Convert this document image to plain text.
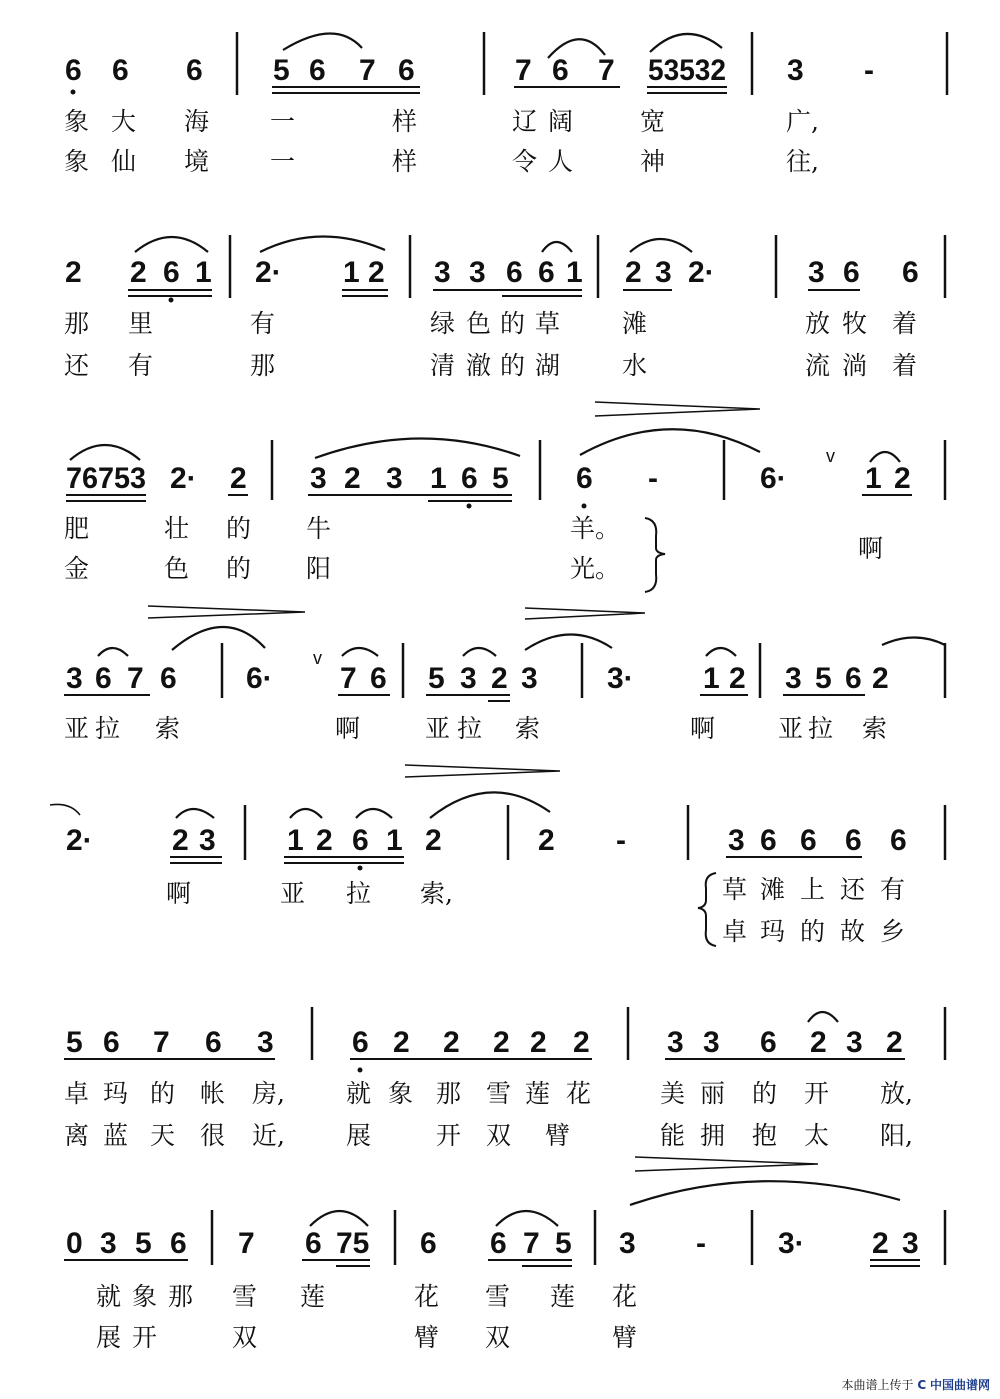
6 6 6 5 6 7 6	7 6 7 53532 3 -
象 大 海 一	样	辽 阔	宽	广,
象 仙 境 一	样	令 人	神	往,
2 2 6 1 2· 1 2 3 3 6 6 1 2 3 2·	3 6 6
那 里	有	绿 色 的 草 滩	放 牧 着
还 有	那	清 澈 的 湖 水	流 淌 着
76753 2· 2 3 2 3 1 6 5 6 -	6·
v
1 2
肥	壮 的 牛	羊。
金	色 的 阳	光。
啊
3 6 7 6 6·
v
7 6 5 3 2 3 3· 1 2 3 5 6 2
亚 拉 索	啊	亚 拉 索	啊	亚 拉 索
2·	2 3 1 2 6 1 2	2 -	3 6 6 6 6
啊	亚 拉 索,	草 滩 上 还 有
卓 玛 的 故 乡
5 6 7 6 3	6 2 2 2 2 2	3 3 6 2 3 2
卓 玛 的 帐 房, 就 象 那 雪 莲 花	美 丽 的 开 放,
离 蓝 天 很 近, 展	开 双 臂	能 拥 抱 太 阳,
0 3 5 6 7 6 75 6 6 7 5 3 - 3· 2 3
就 象 那 雪 莲	花 雪 莲 花
展 开	双	臂 双	臂
本曲谱上传于 C 中国曲谱网
